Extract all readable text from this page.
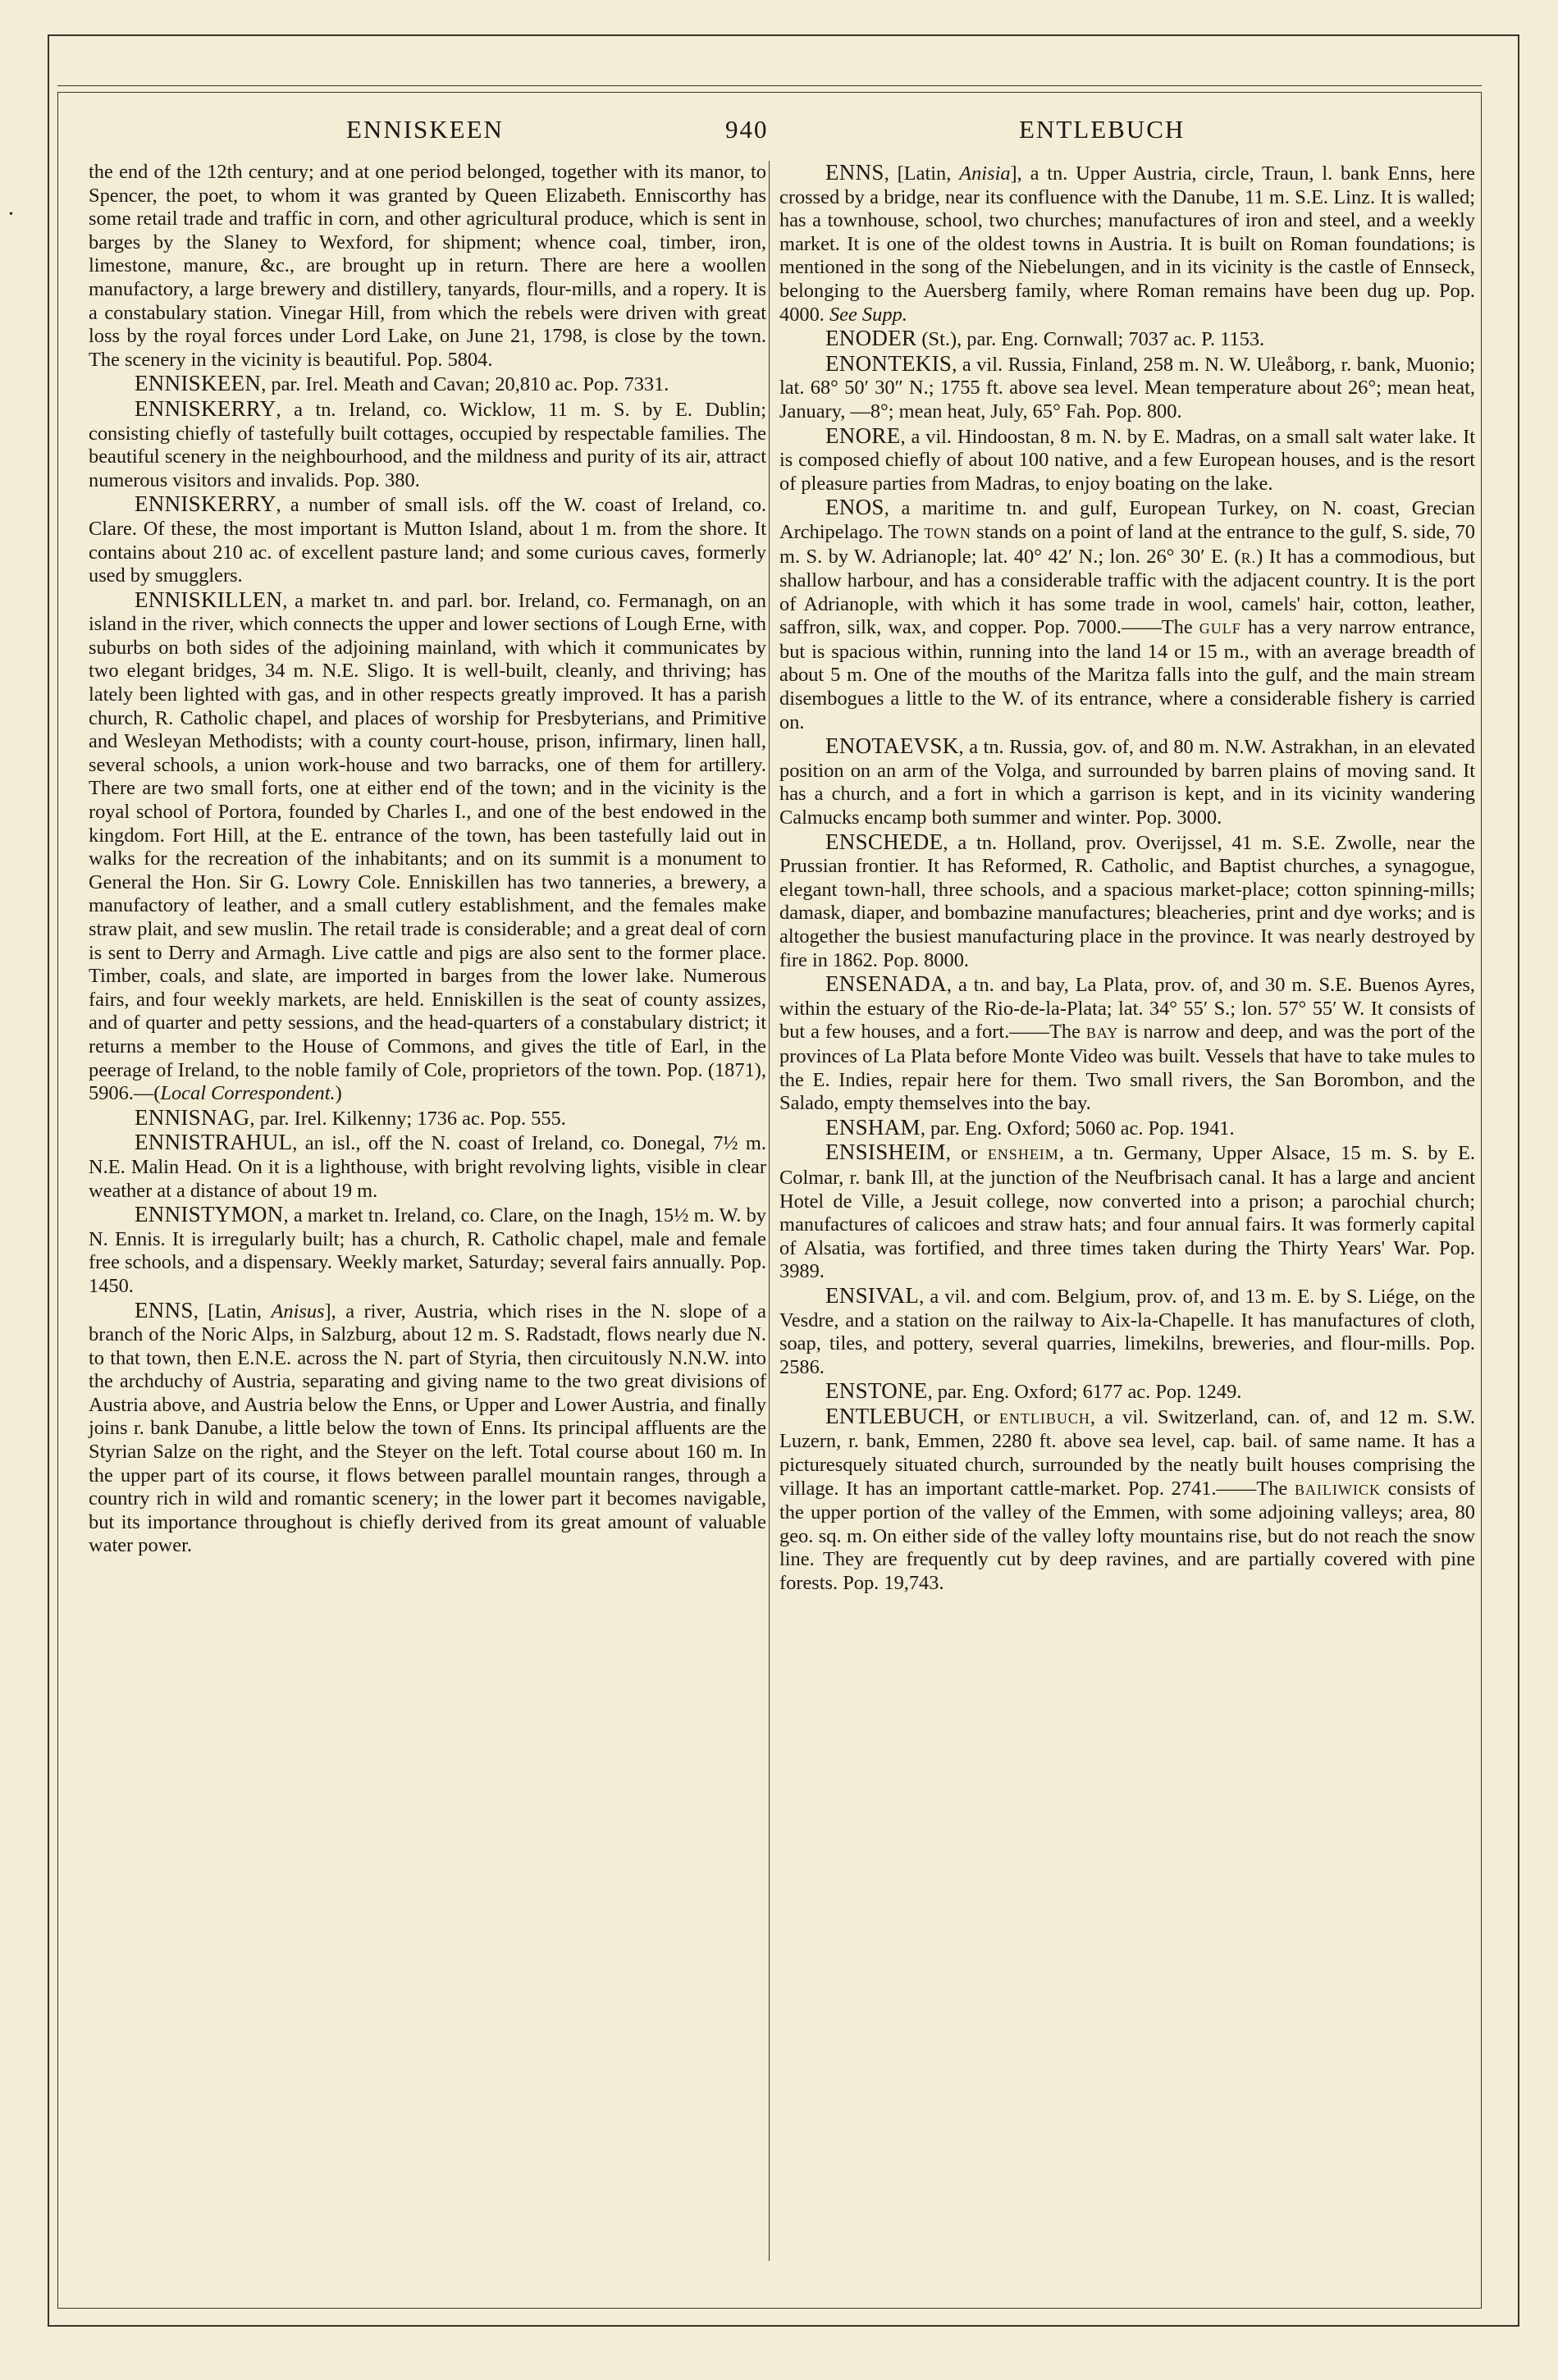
•
ENNISKEEN	940	ENTLEBUCH

the end of the 12th century; and at one period belonged, together with its manor, to Spencer, the poet, to whom it was granted by Queen Elizabeth. Enniscorthy has some retail trade and traffic in corn, and other agricultural produce, which is sent in barges by the Slaney to Wexford, for shipment; whence coal, timber, iron, limestone, manure, &c., are brought up in return. There are here a woollen manufactory, a large brewery and distillery, tanyards, flour-mills, and a ropery. It is a constabulary station. Vinegar Hill, from which the rebels were driven with great loss by the royal forces under Lord Lake, on June 21, 1798, is close by the town. The scenery in the vicinity is beautiful. Pop. 5804.

ENNISKEEN, par. Irel. Meath and Cavan; 20,810 ac. Pop. 7331.

ENNISKERRY, a tn. Ireland, co. Wicklow, 11 m. S. by E. Dublin; consisting chiefly of tastefully built cottages, occupied by respectable families. The beautiful scenery in the neighbourhood, and the mildness and purity of its air, attract numerous visitors and invalids. Pop. 380.

ENNISKERRY, a number of small isls. off the W. coast of Ireland, co. Clare. Of these, the most important is Mutton Island, about 1 m. from the shore. It contains about 210 ac. of excellent pasture land; and some curious caves, formerly used by smugglers.

ENNISKILLEN, a market tn. and parl. bor. Ireland, co. Fermanagh, on an island in the river, which connects the upper and lower sections of Lough Erne, with suburbs on both sides of the adjoining mainland, with which it communicates by two elegant bridges, 34 m. N.E. Sligo. It is well-built, cleanly, and thriving; has lately been lighted with gas, and in other respects greatly improved. It has a parish church, R. Catholic chapel, and places of worship for Presbyterians, and Primitive and Wesleyan Methodists; with a county court-house, prison, infirmary, linen hall, several schools, a union work-house and two barracks, one of them for artillery. There are two small forts, one at either end of the town; and in the vicinity is the royal school of Portora, founded by Charles I., and one of the best endowed in the kingdom. Fort Hill, at the E. entrance of the town, has been tastefully laid out in walks for the recreation of the inhabitants; and on its summit is a monument to General the Hon. Sir G. Lowry Cole. Enniskillen has two tanneries, a brewery, a manufactory of leather, and a small cutlery establishment, and the females make straw plait, and sew muslin. The retail trade is considerable; and a great deal of corn is sent to Derry and Armagh. Live cattle and pigs are also sent to the former place. Timber, coals, and slate, are imported in barges from the lower lake. Numerous fairs, and four weekly markets, are held. Enniskillen is the seat of county assizes, and of quarter and petty sessions, and the head-quarters of a constabulary district; it returns a member to the House of Commons, and gives the title of Earl, in the peerage of Ireland, to the noble family of Cole, proprietors of the town. Pop. (1871), 5906.—(Local Correspondent.)

ENNISNAG, par. Irel. Kilkenny; 1736 ac. Pop. 555.

ENNISTRAHUL, an isl., off the N. coast of Ireland, co. Donegal, 7½ m. N.E. Malin Head. On it is a lighthouse, with bright revolving lights, visible in clear weather at a distance of about 19 m.

ENNISTYMON, a market tn. Ireland, co. Clare, on the Inagh, 15½ m. W. by N. Ennis. It is irregularly built; has a church, R. Catholic chapel, male and female free schools, and a dispensary. Weekly market, Saturday; several fairs annually. Pop. 1450.

ENNS, [Latin, Anisus], a river, Austria, which rises in the N. slope of a branch of the Noric Alps, in Salzburg, about 12 m. S. Radstadt, flows nearly due N. to that town, then E.N.E. across the N. part of Styria, then circuitously N.N.W. into the archduchy of Austria, separating and giving name to the two great divisions of Austria above, and Austria below the Enns, or Upper and Lower Austria, and finally joins r. bank Danube, a little below the town of Enns. Its principal affluents are the Styrian Salze on the right, and the Steyer on the left. Total course about 160 m. In the upper part of its course, it flows between parallel mountain ranges, through a country rich in wild and romantic scenery; in the lower part it becomes navigable, but its importance throughout is chiefly derived from its great amount of valuable water power.

ENNS, [Latin, Anisia], a tn. Upper Austria, circle, Traun, l. bank Enns, here crossed by a bridge, near its confluence with the Danube, 11 m. S.E. Linz. It is walled; has a townhouse, school, two churches; manufactures of iron and steel, and a weekly market. It is one of the oldest towns in Austria. It is built on Roman foundations; is mentioned in the song of the Niebelungen, and in its vicinity is the castle of Ennseck, belonging to the Auersberg family, where Roman remains have been dug up. Pop. 4000. See Supp.

ENODER (St.), par. Eng. Cornwall; 7037 ac. P. 1153.

ENONTEKIS, a vil. Russia, Finland, 258 m. N. W. Uleåborg, r. bank, Muonio; lat. 68° 50′ 30″ N.; 1755 ft. above sea level. Mean temperature about 26°; mean heat, January, —8°; mean heat, July, 65° Fah. Pop. 800.

ENORE, a vil. Hindoostan, 8 m. N. by E. Madras, on a small salt water lake. It is composed chiefly of about 100 native, and a few European houses, and is the resort of pleasure parties from Madras, to enjoy boating on the lake.

ENOS, a maritime tn. and gulf, European Turkey, on N. coast, Grecian Archipelago. The TOWN stands on a point of land at the entrance to the gulf, S. side, 70 m. S. by W. Adrianople; lat. 40° 42′ N.; lon. 26° 30′ E. (R.) It has a commodious, but shallow harbour, and has a considerable traffic with the adjacent country. It is the port of Adrianople, with which it has some trade in wool, camels' hair, cotton, leather, saffron, silk, wax, and copper. Pop. 7000.——The GULF has a very narrow entrance, but is spacious within, running into the land 14 or 15 m., with an average breadth of about 5 m. One of the mouths of the Maritza falls into the gulf, and the main stream disembogues a little to the W. of its entrance, where a considerable fishery is carried on.

ENOTAEVSK, a tn. Russia, gov. of, and 80 m. N.W. Astrakhan, in an elevated position on an arm of the Volga, and surrounded by barren plains of moving sand. It has a church, and a fort in which a garrison is kept, and in its vicinity wandering Calmucks encamp both summer and winter. Pop. 3000.

ENSCHEDE, a tn. Holland, prov. Overijssel, 41 m. S.E. Zwolle, near the Prussian frontier. It has Reformed, R. Catholic, and Baptist churches, a synagogue, elegant town-hall, three schools, and a spacious market-place; cotton spinning-mills; damask, diaper, and bombazine manufactures; bleacheries, print and dye works; and is altogether the busiest manufacturing place in the province. It was nearly destroyed by fire in 1862. Pop. 8000.

ENSENADA, a tn. and bay, La Plata, prov. of, and 30 m. S.E. Buenos Ayres, within the estuary of the Rio-de-la-Plata; lat. 34° 55′ S.; lon. 57° 55′ W. It consists of but a few houses, and a fort.——The BAY is narrow and deep, and was the port of the provinces of La Plata before Monte Video was built. Vessels that have to take mules to the E. Indies, repair here for them. Two small rivers, the San Borombon, and the Salado, empty themselves into the bay.

ENSHAM, par. Eng. Oxford; 5060 ac. Pop. 1941.

ENSISHEIM, or ENSHEIM, a tn. Germany, Upper Alsace, 15 m. S. by E. Colmar, r. bank Ill, at the junction of the Neufbrisach canal. It has a large and ancient Hotel de Ville, a Jesuit college, now converted into a prison; a parochial church; manufactures of calicoes and straw hats; and four annual fairs. It was formerly capital of Alsatia, was fortified, and three times taken during the Thirty Years' War. Pop. 3989.

ENSIVAL, a vil. and com. Belgium, prov. of, and 13 m. E. by S. Liége, on the Vesdre, and a station on the railway to Aix-la-Chapelle. It has manufactures of cloth, soap, tiles, and pottery, several quarries, limekilns, breweries, and flour-mills. Pop. 2586.

ENSTONE, par. Eng. Oxford; 6177 ac. Pop. 1249.

ENTLEBUCH, or ENTLIBUCH, a vil. Switzerland, can. of, and 12 m. S.W. Luzern, r. bank, Emmen, 2280 ft. above sea level, cap. bail. of same name. It has a picturesquely situated church, surrounded by the neatly built houses comprising the village. It has an important cattle-market. Pop. 2741.——The BAILIWICK consists of the upper portion of the valley of the Emmen, with some adjoining valleys; area, 80 geo. sq. m. On either side of the valley lofty mountains rise, but do not reach the snow line. They are frequently cut by deep ravines, and are partially covered with pine forests. Pop. 19,743.
